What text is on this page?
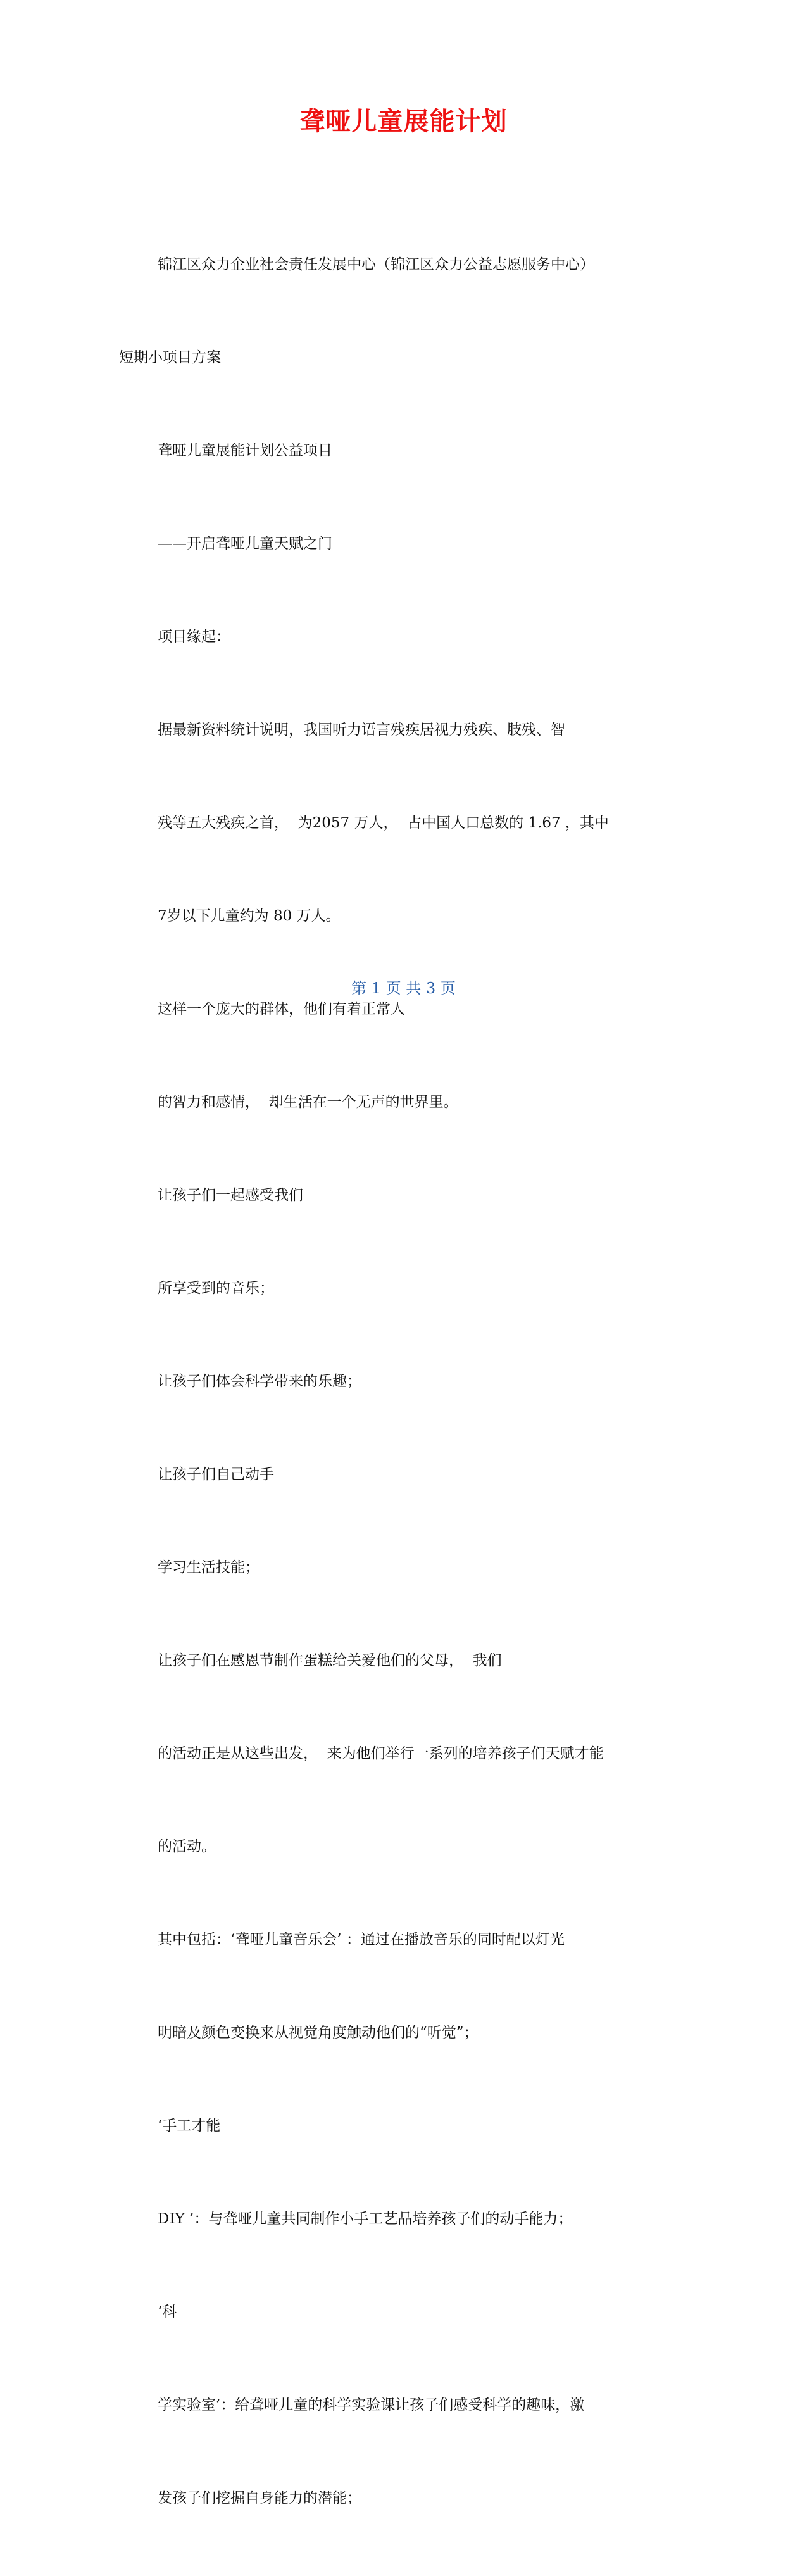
聋哑儿童展能计划

锦江区众力企业社会责任发展中心（锦江区众力公益志愿服务中心）

短期小项目方案

聋哑儿童展能计划公益项目

——开启聋哑儿童天赋之门

项目缘起：

据最新资料统计说明，我国听力语言残疾居视力残疾、肢残、智

残等五大残疾之首，  为2057 万人，  占中国人口总数的 1.67 ，其中

7岁以下儿童约为 80 万人。

这样一个庞大的群体，他们有着正常人

的智力和感情，  却生活在一个无声的世界里。

让孩子们一起感受我们

所享受到的音乐；

让孩子们体会科学带来的乐趣；

让孩子们自己动手

学习生活技能；

让孩子们在感恩节制作蛋糕给关爱他们的父母，  我们

的活动正是从这些出发，  来为他们举行一系列的培养孩子们天赋才能

的活动。

其中包括：‘聋哑儿童音乐会’ ：通过在播放音乐的同时配以灯光

明暗及颜色变换来从视觉角度触动他们的“听觉”；

‘手工才能

DIY ’：与聋哑儿童共同制作小手工艺品培养孩子们的动手能力；

‘科

学实验室’：给聋哑儿童的科学实验课让孩子们感受科学的趣味，激

发孩子们挖掘自身能力的潜能；

第 1 页 共 3 页
